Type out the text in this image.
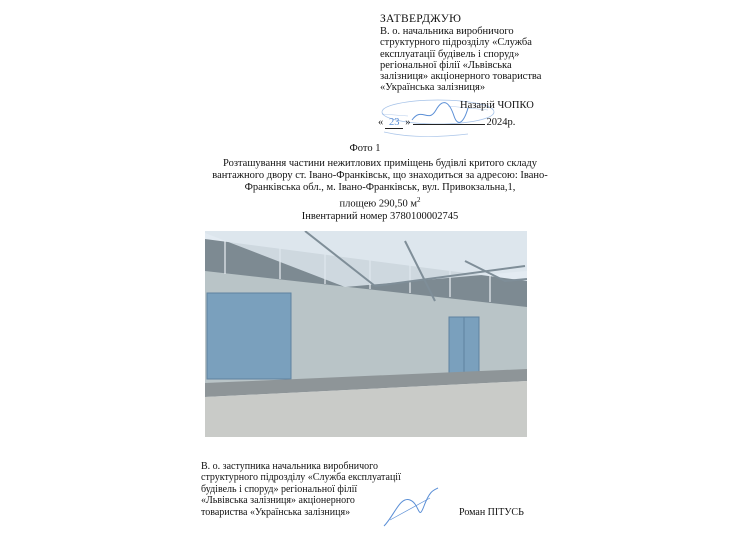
ЗАТВЕРДЖУЮ
В. о. начальника виробничого
структурного підрозділу «Служба
експлуатації будівель і споруд»
регіональної філії «Львівська
залізниця» акціонерного товариства
«Українська залізниця»
Назарій ЧОПКО
« 23 »	2024р.
Фото 1
Розташування частини нежитлових приміщень будівлі критого складу
вантажного двору ст. Івано-Франківськ, що знаходиться за адресою: Івано-
Франківська обл., м. Івано-Франківськ, вул. Привокзальна,1,
площею 290,50 $м^2$
Інвентарний номер 3780100002745
В. о. заступника начальника виробничого
структурного підрозділу «Служба експлуатації
будівель і споруд» регіональної філії
«Львівська залізниця» акціонерного
товариства «Українська залізниця»	Роман ПІТУСЬ
